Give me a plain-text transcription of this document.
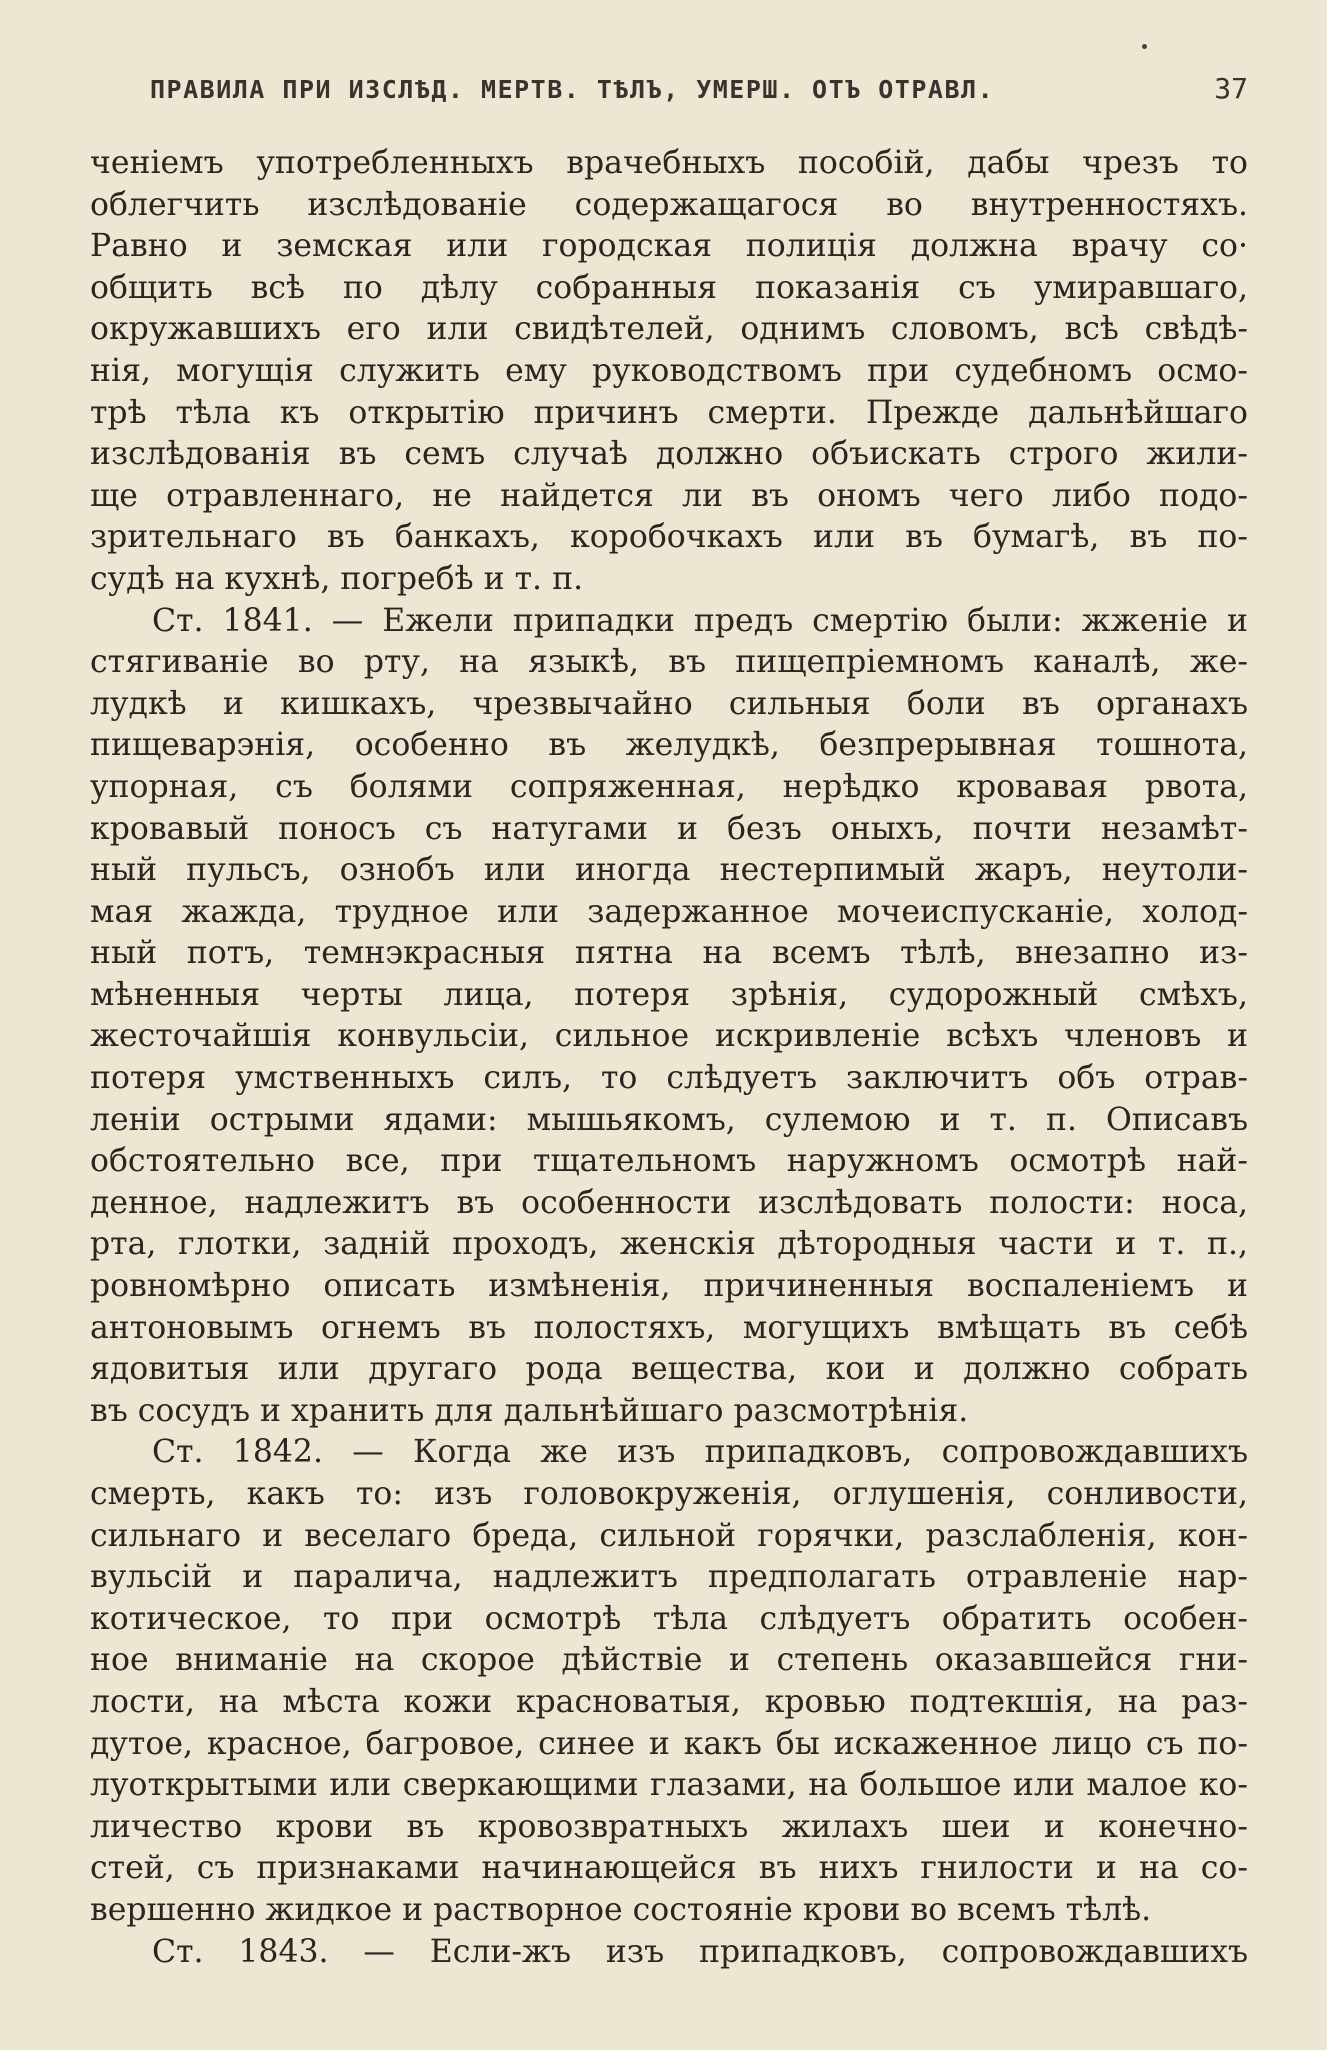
ПРАВИЛА ПРИ ИЗСЛѢД. МЕРТВ. ТѢЛЪ, УМЕРШ. ОТЪ ОТРАВЛ.	37
ченіемъ употребленныхъ врачебныхъ пособій, дабы чрезъ то
облегчить изслѣдованіе содержащагося во внутренностяхъ.
Равно и земская или городская полиція должна врачу со·
общить всѣ по дѣлу собранныя показанія съ умиравшаго,
окружавшихъ его или свидѣтелей, однимъ словомъ, всѣ свѣдѣ-
нія, могущія служить ему руководствомъ при судебномъ осмо-
трѣ тѣла къ открытію причинъ смерти. Прежде дальнѣйшаго
изслѣдованія въ семъ случаѣ должно объискать строго жили-
ще отравленнаго, не найдется ли въ ономъ чего либо подо-
зрительнаго въ банкахъ, коробочкахъ или въ бумагѣ, въ по-
судѣ на кухнѣ, погребѣ и т. п.
Ст. 1841. — Ежели припадки предъ смертію были: жженіе и
стягиваніе во рту, на языкѣ, въ пищепріемномъ каналѣ, же-
лудкѣ и кишкахъ, чрезвычайно сильныя боли въ органахъ
пищеварэнія, особенно въ желудкѣ, безпрерывная тошнота,
упорная, съ болями сопряженная, нерѣдко кровавая рвота,
кровавый поносъ съ натугами и безъ оныхъ, почти незамѣт-
ный пульсъ, ознобъ или иногда нестерпимый жаръ, неутоли-
мая жажда, трудное или задержанное мочеиспусканіе, холод-
ный потъ, темнэкрасныя пятна на всемъ тѣлѣ, внезапно из-
мѣненныя черты лица, потеря зрѣнія, судорожный смѣхъ,
жесточайшія конвульсіи, сильное искривленіе всѣхъ членовъ и
потеря умственныхъ силъ, то слѣдуетъ заключитъ объ отрав-
леніи острыми ядами: мышьякомъ, сулемою и т. п. Описавъ
обстоятельно все, при тщательномъ наружномъ осмотрѣ най-
денное, надлежитъ въ особенности изслѣдовать полости: носа,
рта, глотки, задній проходъ, женскія дѣтородныя части и т. п.,
ровномѣрно описать измѣненія, причиненныя воспаленіемъ и
антоновымъ огнемъ въ полостяхъ, могущихъ вмѣщать въ себѣ
ядовитыя или другаго рода вещества, кои и должно собрать
въ сосудъ и хранить для дальнѣйшаго разсмотрѣнія.
Ст. 1842. — Когда же изъ припадковъ, сопровождавшихъ
смерть, какъ то: изъ головокруженія, оглушенія, сонливости,
сильнаго и веселаго бреда, сильной горячки, разслабленія, кон-
вульсій и паралича, надлежитъ предполагать отравленіе нар-
котическое, то при осмотрѣ тѣла слѣдуетъ обратить особен-
ное вниманіе на скорое дѣйствіе и степень оказавшейся гни-
лости, на мѣста кожи красноватыя, кровью подтекшія, на раз-
дутое, красное, багровое, синее и какъ бы искаженное лицо съ по-
луоткрытыми или сверкающими глазами, на большое или малое ко-
личество крови въ кровозвратныхъ жилахъ шеи и конечно-
стей, съ признаками начинающейся въ нихъ гнилости и на со-
вершенно жидкое и растворное состояніе крови во всемъ тѣлѣ.
Ст. 1843. — Если-жъ изъ припадковъ, сопровождавшихъ
